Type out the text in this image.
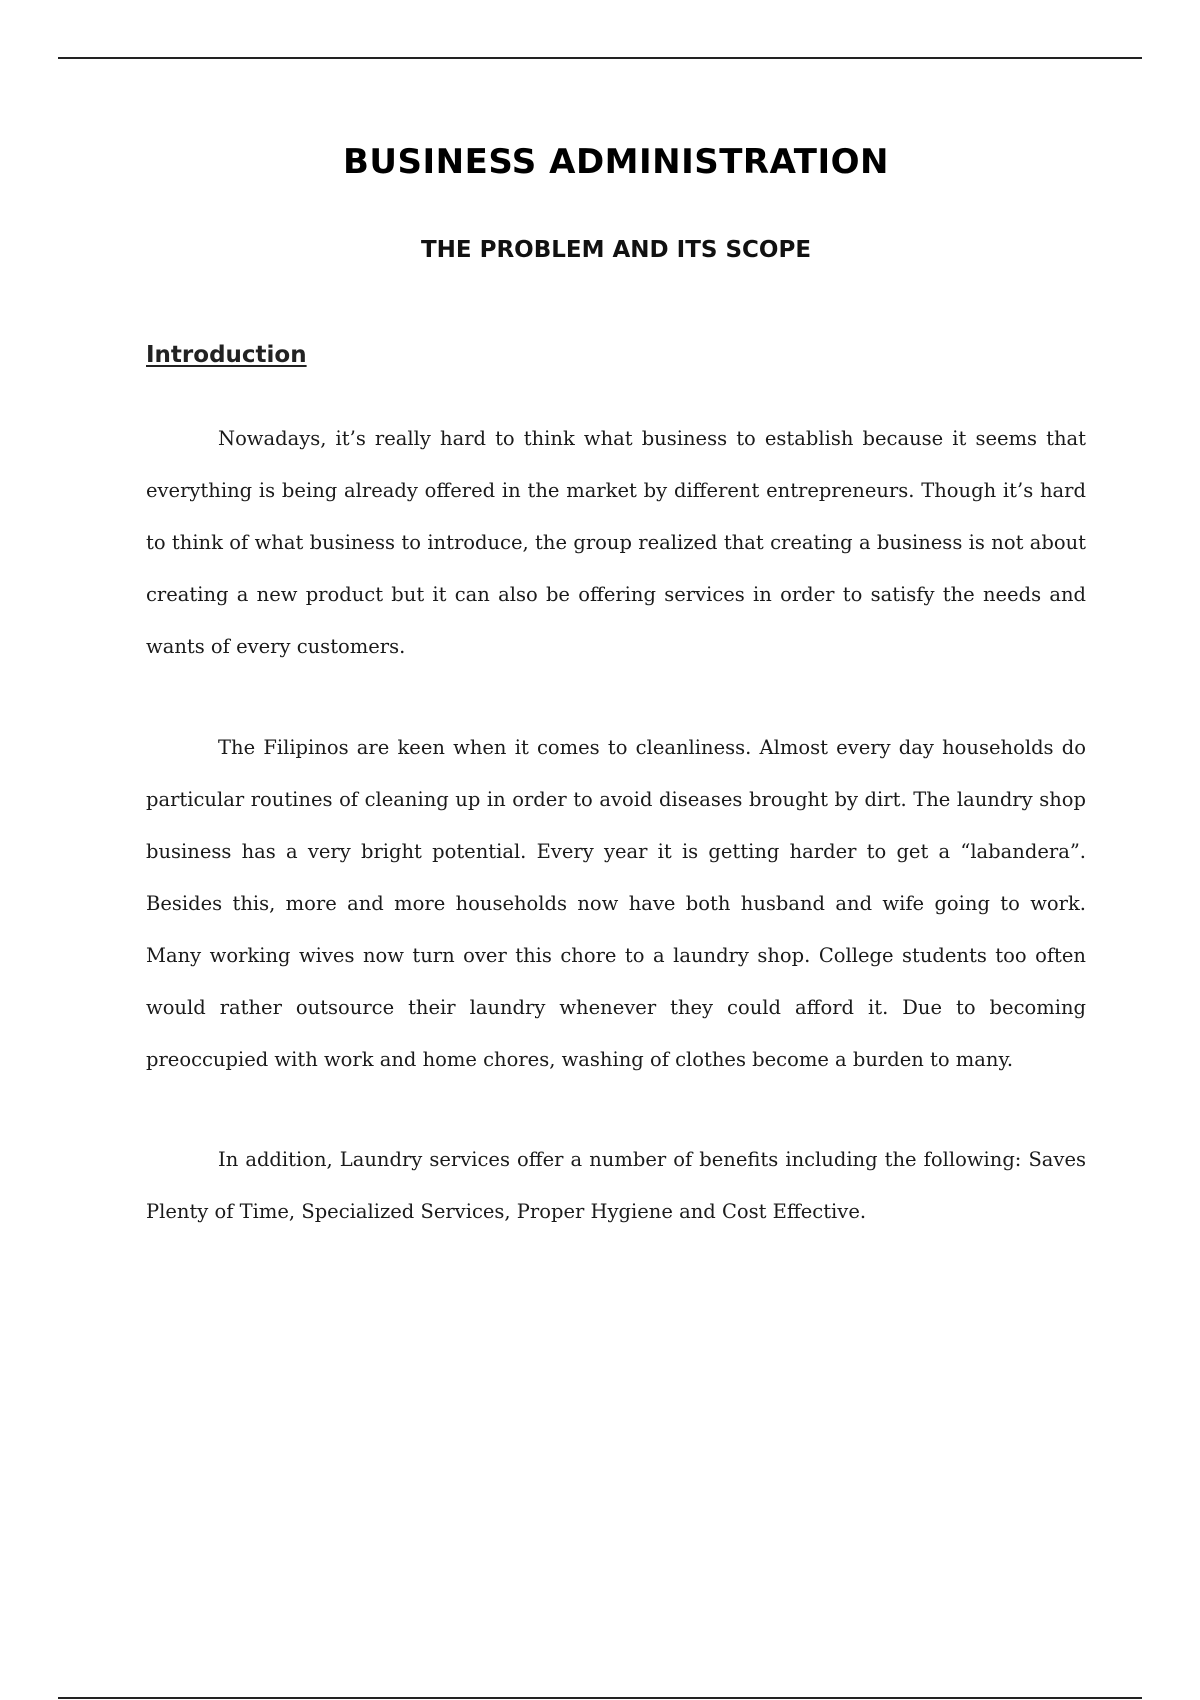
BUSINESS ADMINISTRATION
THE PROBLEM AND ITS SCOPE
Introduction

Nowadays, it’s really hard to think what business to establish because it seems that everything is being already offered in the market by different entrepreneurs. Though it’s hard to think of what business to introduce, the group realized that creating a business is not about creating a new product but it can also be offering services in order to satisfy the needs and wants of every customers.

The Filipinos are keen when it comes to cleanliness. Almost every day households do particular routines of cleaning up in order to avoid diseases brought by dirt. The laundry shop business has a very bright potential. Every year it is getting harder to get a “labandera”. Besides this, more and more households now have both husband and wife going to work. Many working wives now turn over this chore to a laundry shop. College students too often would rather outsource their laundry whenever they could afford it. Due to becoming preoccupied with work and home chores, washing of clothes become a burden to many.

In addition, Laundry services offer a number of benefits including the following: Saves Plenty of Time, Specialized Services, Proper Hygiene and Cost Effective.
